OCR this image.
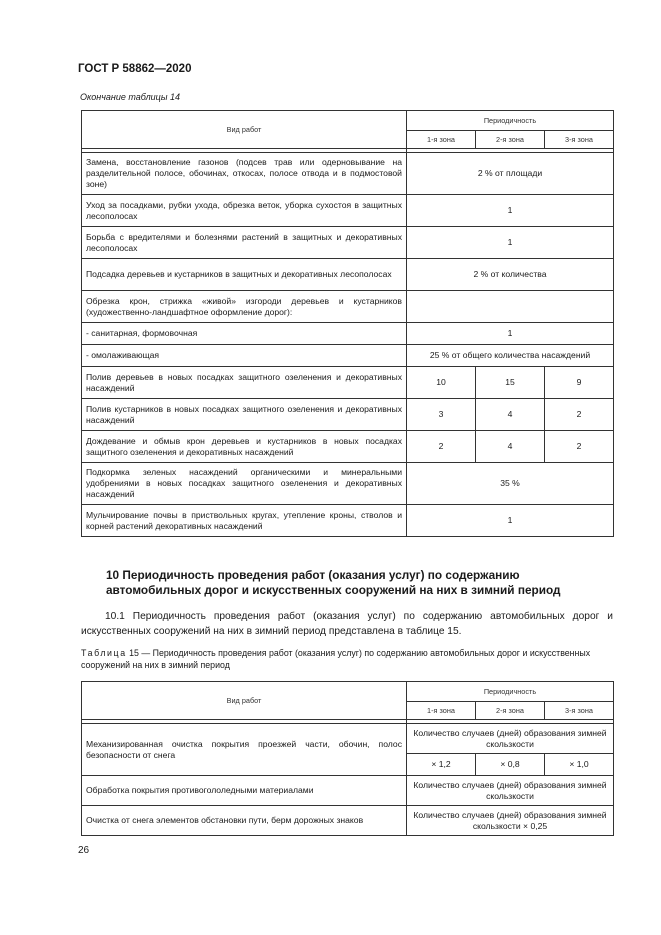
ГОСТ Р 58862—2020
Окончание таблицы 14
Вид работ	Периодичность		
	1-я зона	2-я зона	3-я зона

Замена, восстановление газонов (подсев трав или одерновывание на разделительной полосе, обочинах, откосах, полосе отвода и в подмостовой зоне)	2 % от площади		
Уход за посадками, рубки ухода, обрезка веток, уборка сухостоя в защитных лесополосах	1		
Борьба с вредителями и болезнями растений в защитных и декоративных лесополосах	1		
Подсадка деревьев и кустарников в защитных и декоративных лесополосах	2 % от количества		
Обрезка крон, стрижка «живой» изгороди деревьев и кустарников (художественно-ландшафтное оформление дорог):			
- санитарная, формовочная	1		
- омолаживающая	25 % от общего количества насаждений		
Полив деревьев в новых посадках защитного озеленения и декоративных насаждений	10	15	9
Полив кустарников в новых посадках защитного озеленения и декоративных насаждений	3	4	2
Дождевание и обмыв крон деревьев и кустарников в новых посадках защитного озеленения и декоративных насаждений	2	4	2
Подкормка зеленых насаждений органическими и минеральными удобрениями в новых посадках защитного озеленения и декоративных насаждений	35 %		
Мульчирование почвы в приствольных кругах, утепление кроны, стволов и корней растений декоративных насаждений	1		
10 Периодичность проведения работ (оказания услуг) по содержанию автомобильных дорог и искусственных сооружений на них в зимний период
10.1 Периодичность проведения работ (оказания услуг) по содержанию автомобильных дорог и искусственных сооружений на них в зимний период представлена в таблице 15.
Таблица 15 — Периодичность проведения работ (оказания услуг) по содержанию автомобильных дорог и искусственных сооружений на них в зимний период
Вид работ	Периодичность		
	1-я зона	2-я зона	3-я зона

Механизированная очистка покрытия проезжей части, обочин, полос безопасности от снега	Количество случаев (дней) образования зимней скользкости		
	× 1,2	× 0,8	× 1,0
Обработка покрытия противогололедными материалами	Количество случаев (дней) образования зимней скользкости		
Очистка от снега элементов обстановки пути, берм дорожных знаков	Количество случаев (дней) образования зимней скользкости × 0,25		
26
